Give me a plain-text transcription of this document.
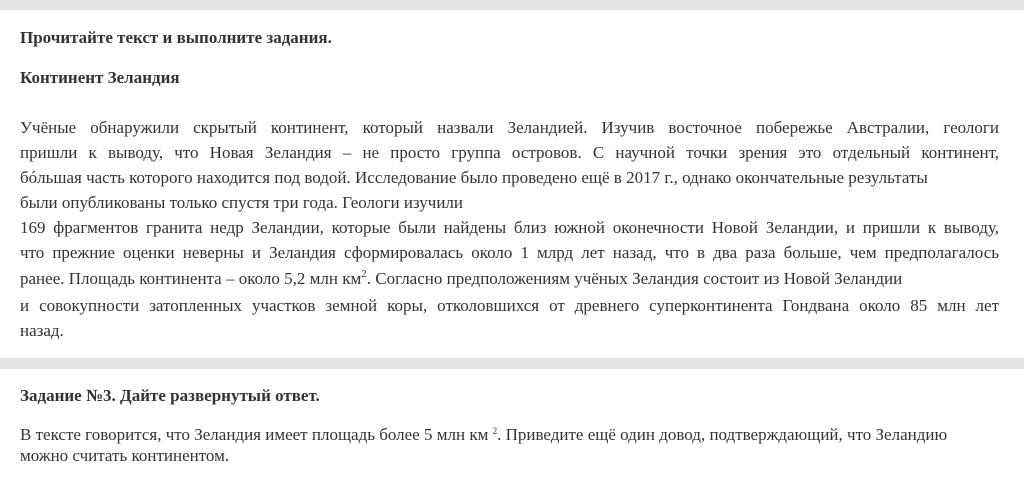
Прочитайте текст и выполните задания.
Континент Зеландия
Учёные обнаружили скрытый континент, который назвали Зеландией. Изучив восточное побережье Австралии, геологи
пришли к выводу, что Новая Зеландия – не просто группа островов. С научной точки зрения это отдельный континент,
бóльшая часть которого находится под водой. Исследование было проведено ещё в 2017 г., однако окончательные результаты
были опубликованы только спустя три года. Геологи изучили
169 фрагментов гранита недр Зеландии, которые были найдены близ южной оконечности Новой Зеландии, и пришли к выводу,
что прежние оценки неверны и Зеландия сформировалась около 1 млрд лет назад, что в два раза больше, чем предполагалось
ранее. Площадь континента – около 5,2 млн $км^2$. Согласно предположениям учёных Зеландия состоит из Новой Зеландии
и совокупности затопленных участков земной коры, отколовшихся от древнего суперконтинента Гондвана около 85 млн лет
назад.
Задание №3. Дайте развернутый ответ.
В тексте говорится, что Зеландия имеет площадь более 5 млн км $^2$. Приведите ещё один довод, подтверждающий, что Зеландию
можно считать континентом.
